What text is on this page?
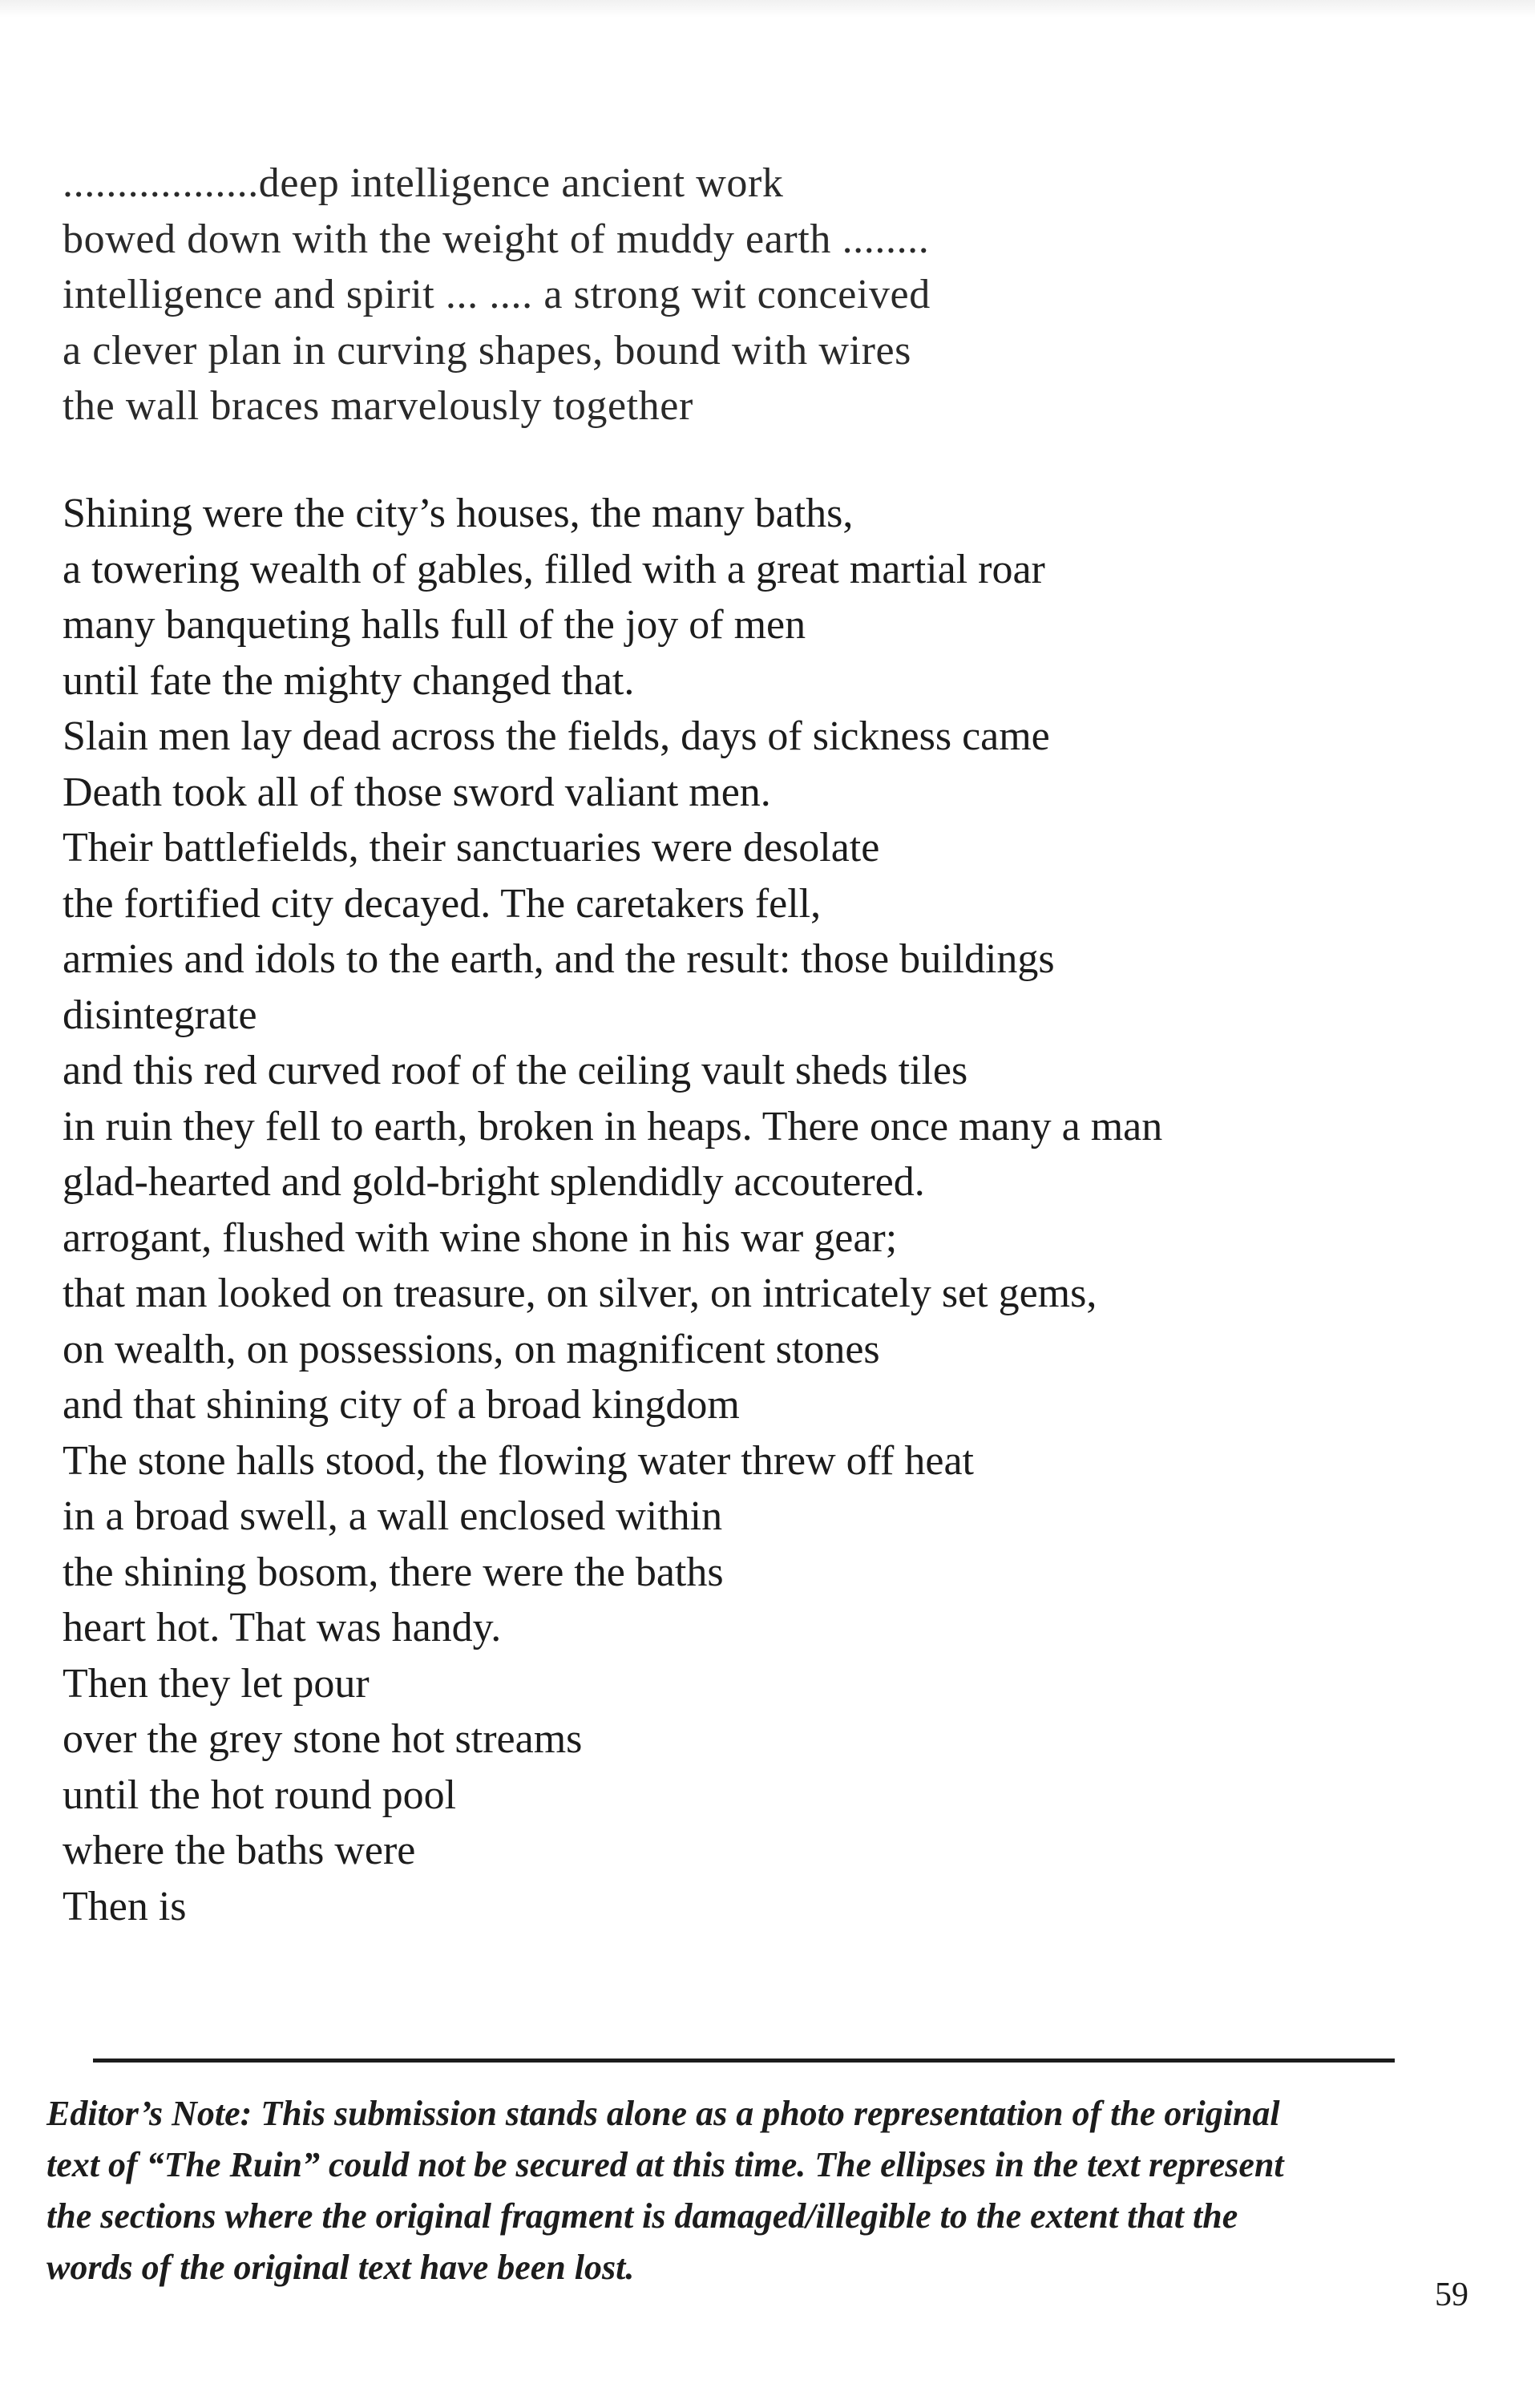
..................deep intelligence ancient work
bowed down with the weight of muddy earth ........
intelligence and spirit ... .... a strong wit conceived
a clever plan in curving shapes, bound with wires
the wall braces marvelously together
Shining were the city’s houses, the many baths,
a towering wealth of gables, filled with a great martial roar
many banqueting halls full of the joy of men
until fate the mighty changed that.
Slain men lay dead across the fields, days of sickness came
Death took all of those sword valiant men.
Their battlefields, their sanctuaries were desolate
the fortified city decayed. The caretakers fell,
armies and idols to the earth, and the result: those buildings
disintegrate
and this red curved roof of the ceiling vault sheds tiles
in ruin they fell to earth, broken in heaps. There once many a man
glad-hearted and gold-bright splendidly accoutered.
arrogant, flushed with wine shone in his war gear;
that man looked on treasure, on silver, on intricately set gems,
on wealth, on possessions, on magnificent stones
and that shining city of a broad kingdom
The stone halls stood, the flowing water threw off heat
in a broad swell, a wall enclosed within
the shining bosom, there were the baths
heart hot. That was handy.
Then they let pour
over the grey stone hot streams
until the hot round pool
where the baths were
Then is
Editor’s Note: This submission stands alone as a photo representation of the original
text of “The Ruin” could not be secured at this time. The ellipses in the text represent
the sections where the original fragment is damaged/illegible to the extent that the
words of the original text have been lost.
59
